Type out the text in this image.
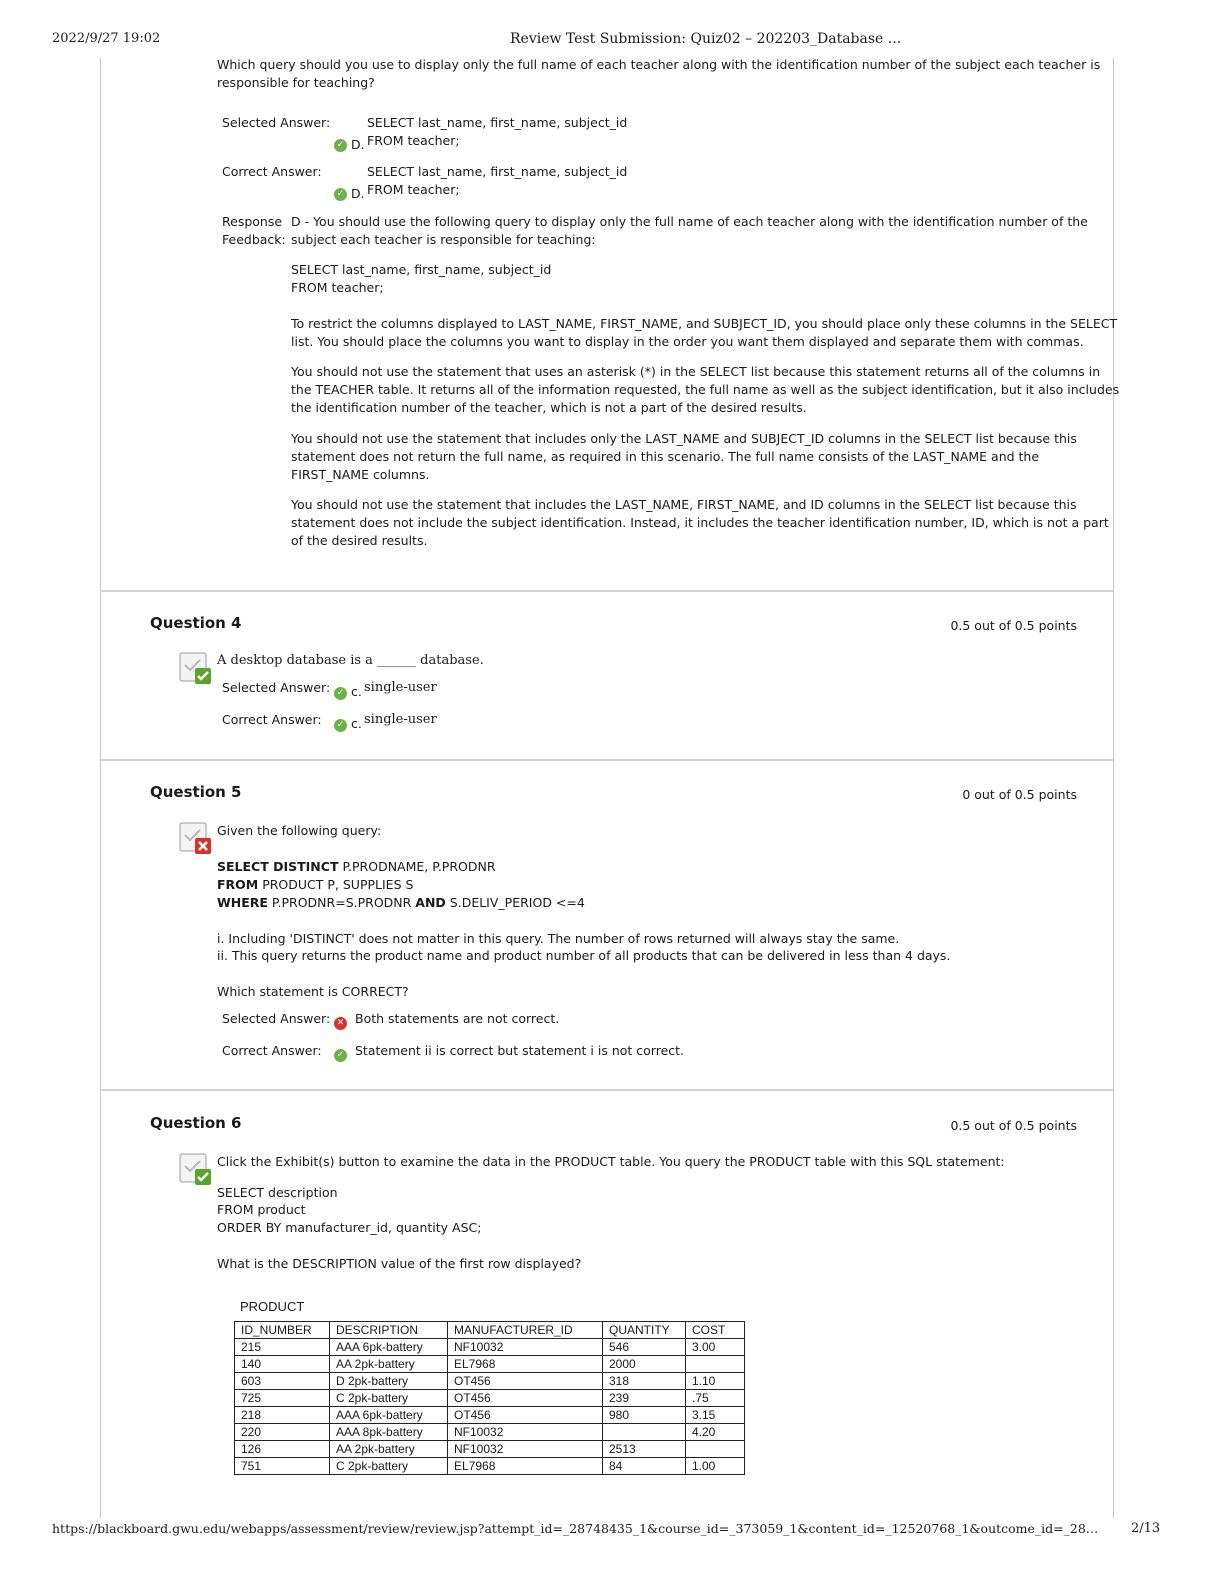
2022/9/27 19:02	Review Test Submission: Quiz02 – 202203_Database ...
https://blackboard.gwu.edu/webapps/assessment/review/review.jsp?attempt_id=_28748435_1&course_id=_373059_1&content_id=_12520768_1&outcome_id=_28…	2/13
Which query should you use to display only the full name of each teacher along with the identification number of the subject each teacher is
responsible for teaching?
Selected Answer:
✓ D.
SELECT last_name, first_name, subject_id
FROM teacher;
Correct Answer:
✓ D.
SELECT last_name, first_name, subject_id
FROM teacher;
Response
Feedback:
D - You should use the following query to display only the full name of each teacher along with the identification number of the
subject each teacher is responsible for teaching:
SELECT last_name, first_name, subject_id
FROM teacher;
To restrict the columns displayed to LAST_NAME, FIRST_NAME, and SUBJECT_ID, you should place only these columns in the SELECT
list. You should place the columns you want to display in the order you want them displayed and separate them with commas.
You should not use the statement that uses an asterisk (*) in the SELECT list because this statement returns all of the columns in
the TEACHER table. It returns all of the information requested, the full name as well as the subject identification, but it also includes
the identification number of the teacher, which is not a part of the desired results.
You should not use the statement that includes only the LAST_NAME and SUBJECT_ID columns in the SELECT list because this
statement does not return the full name, as required in this scenario. The full name consists of the LAST_NAME and the
FIRST_NAME columns.
You should not use the statement that includes the LAST_NAME, FIRST_NAME, and ID columns in the SELECT list because this
statement does not include the subject identification. Instead, it includes the teacher identification number, ID, which is not a part
of the desired results.
Question 4	0.5 out of 0.5 points
A desktop database is a ______ database.
Selected Answer: ✓ c. single-user
Correct Answer:	✓ c. single-user
Question 5	0 out of 0.5 points
Given the following query:
SELECT DISTINCT P.PRODNAME, P.PRODNR
FROM PRODUCT P, SUPPLIES S
WHERE P.PRODNR=S.PRODNR AND S.DELIV_PERIOD <=4
i. Including 'DISTINCT' does not matter in this query. The number of rows returned will always stay the same.
ii. This query returns the product name and product number of all products that can be delivered in less than 4 days.
Which statement is CORRECT?
Selected Answer: ✕ Both statements are not correct.
Correct Answer:	✓ Statement ii is correct but statement i is not correct.
Question 6	0.5 out of 0.5 points
Click the Exhibit(s) button to examine the data in the PRODUCT table. You query the PRODUCT table with this SQL statement:
SELECT description
FROM product
ORDER BY manufacturer_id, quantity ASC;
What is the DESCRIPTION value of the first row displayed?
PRODUCT
ID_NUMBER	DESCRIPTION	MANUFACTURER_ID	QUANTITY	COST
215	AAA 6pk-battery	NF10032	546	3.00
140	AA 2pk-battery	EL7968	2000	
603	D 2pk-battery	OT456	318	1.10
725	C 2pk-battery	OT456	239	.75
218	AAA 6pk-battery	OT456	980	3.15
220	AAA 8pk-battery	NF10032		4.20
126	AA 2pk-battery	NF10032	2513	
751	C 2pk-battery	EL7968	84	1.00
